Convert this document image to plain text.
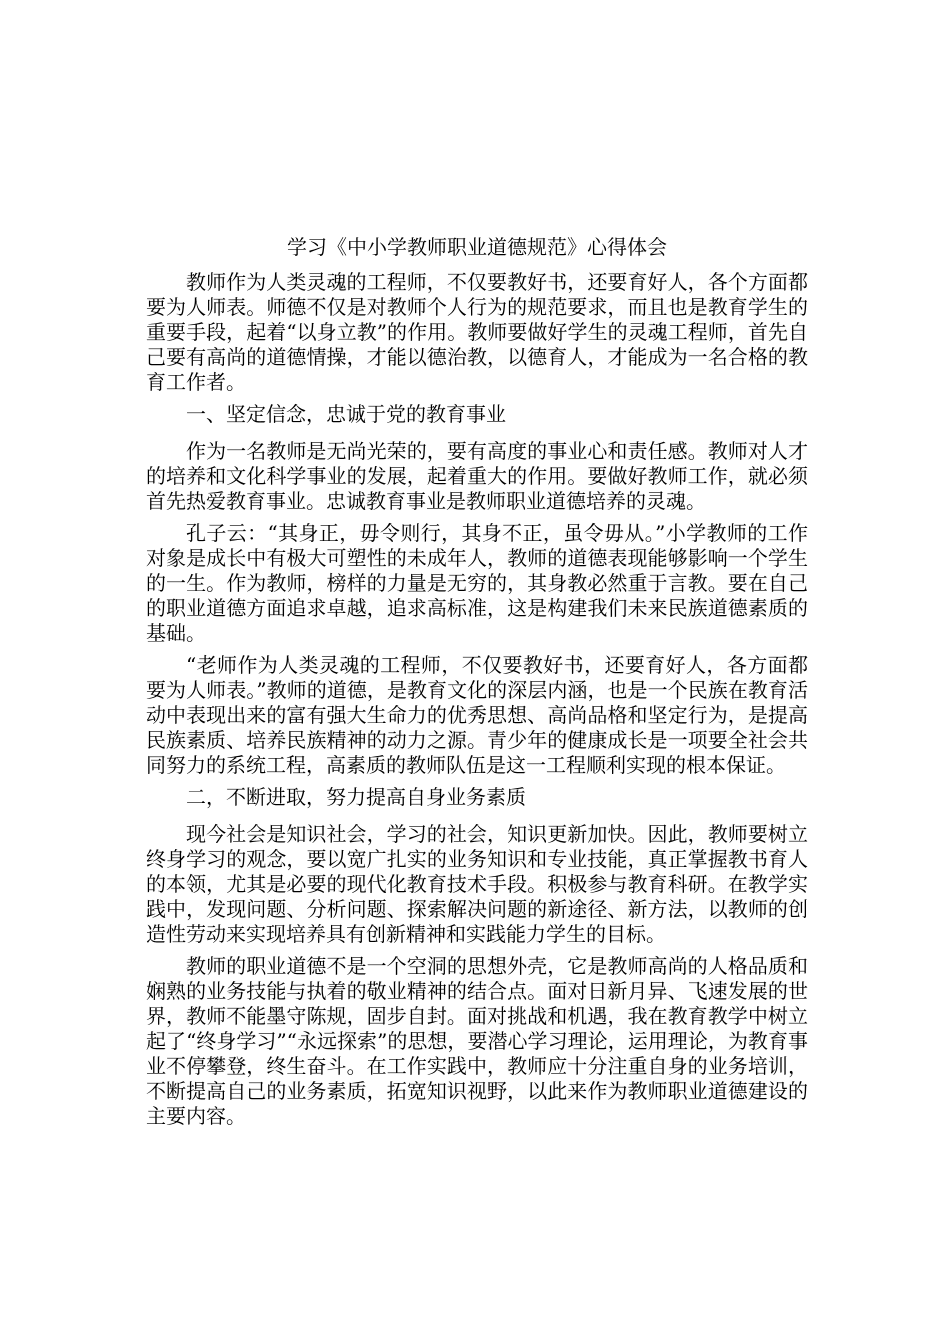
学习《中小学教师职业道德规范》心得体会

教师作为人类灵魂的工程师，不仅要教好书，还要育好人，各个方面都要为人师表。师德不仅是对教师个人行为的规范要求，而且也是教育学生的重要手段，起着“以身立教”的作用。教师要做好学生的灵魂工程师，首先自己要有高尚的道德情操，才能以德治教，以德育人，才能成为一名合格的教育工作者。

一、坚定信念，忠诚于党的教育事业

作为一名教师是无尚光荣的，要有高度的事业心和责任感。教师对人才的培养和文化科学事业的发展，起着重大的作用。要做好教师工作，就必须首先热爱教育事业。忠诚教育事业是教师职业道德培养的灵魂。

孔子云：“其身正，毋令则行，其身不正，虽令毋从。”小学教师的工作对象是成长中有极大可塑性的未成年人，教师的道德表现能够影响一个学生的一生。作为教师，榜样的力量是无穷的，其身教必然重于言教。要在自己的职业道德方面追求卓越，追求高标准，这是构建我们未来民族道德素质的基础。

“老师作为人类灵魂的工程师，不仅要教好书，还要育好人，各方面都要为人师表。”教师的道德，是教育文化的深层内涵，也是一个民族在教育活动中表现出来的富有强大生命力的优秀思想、高尚品格和坚定行为，是提高民族素质、培养民族精神的动力之源。青少年的健康成长是一项要全社会共同努力的系统工程，高素质的教师队伍是这一工程顺利实现的根本保证。

二，不断进取，努力提高自身业务素质

现今社会是知识社会，学习的社会，知识更新加快。因此，教师要树立终身学习的观念，要以宽广扎实的业务知识和专业技能，真正掌握教书育人的本领，尤其是必要的现代化教育技术手段。积极参与教育科研。在教学实践中，发现问题、分析问题、探索解决问题的新途径、新方法，以教师的创造性劳动来实现培养具有创新精神和实践能力学生的目标。

教师的职业道德不是一个空洞的思想外壳，它是教师高尚的人格品质和娴熟的业务技能与执着的敬业精神的结合点。面对日新月异、飞速发展的世界，教师不能墨守陈规，固步自封。面对挑战和机遇，我在教育教学中树立起了“终身学习”“永远探索”的思想，要潜心学习理论，运用理论，为教育事业不停攀登，终生奋斗。在工作实践中，教师应十分注重自身的业务培训，不断提高自己的业务素质，拓宽知识视野，以此来作为教师职业道德建设的主要内容。
